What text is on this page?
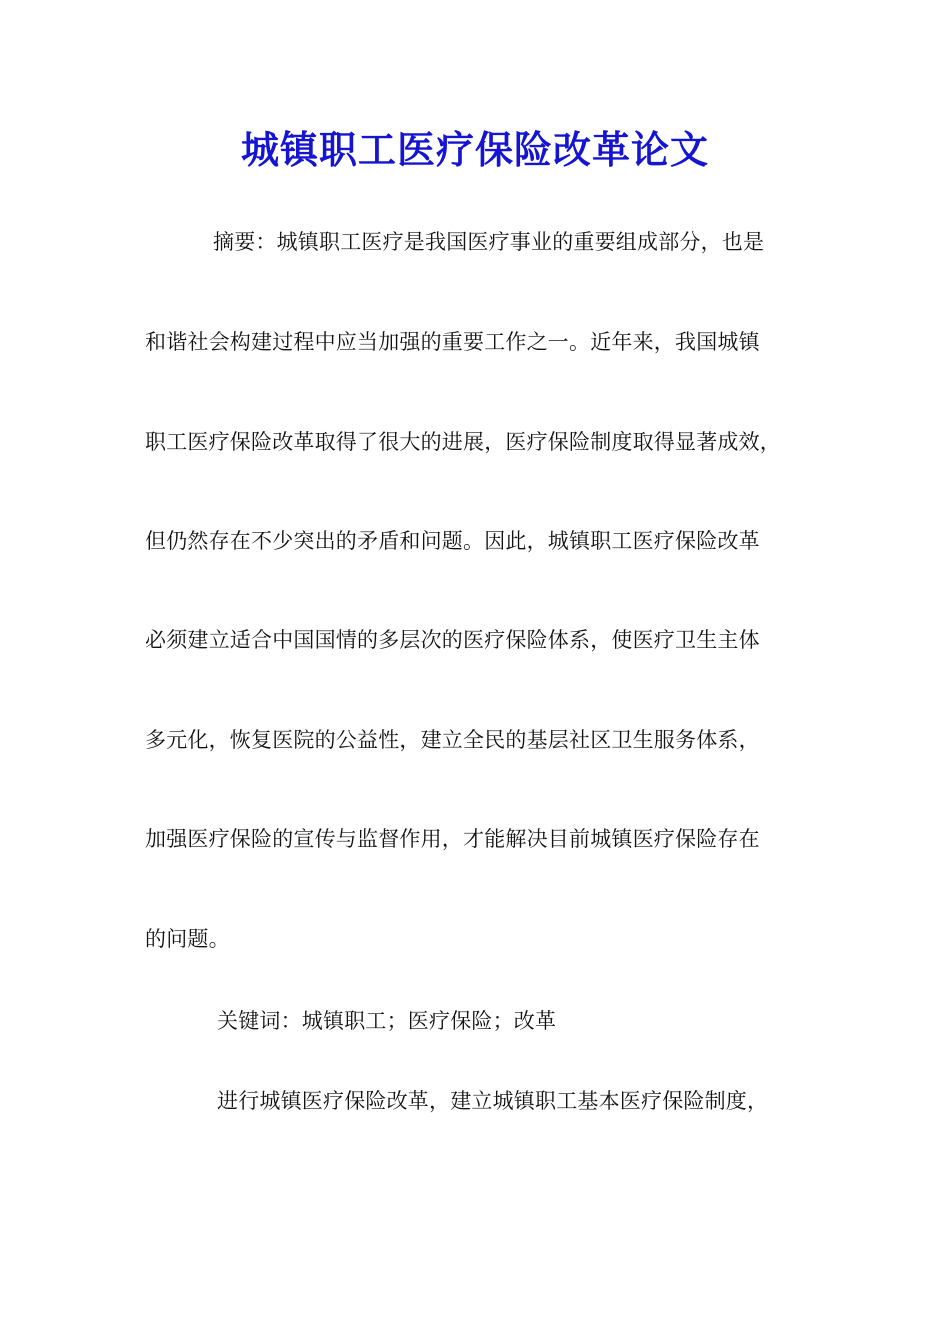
城镇职工医疗保险改革论文
摘要：城镇职工医疗是我国医疗事业的重要组成部分，也是
和谐社会构建过程中应当加强的重要工作之一。近年来，我国城镇
职工医疗保险改革取得了很大的进展，医疗保险制度取得显著成效，
但仍然存在不少突出的矛盾和问题。因此，城镇职工医疗保险改革
必须建立适合中国国情的多层次的医疗保险体系，使医疗卫生主体
多元化，恢复医院的公益性，建立全民的基层社区卫生服务体系，
加强医疗保险的宣传与监督作用，才能解决目前城镇医疗保险存在
的问题。
关键词：城镇职工；医疗保险；改革
进行城镇医疗保险改革，建立城镇职工基本医疗保险制度，
